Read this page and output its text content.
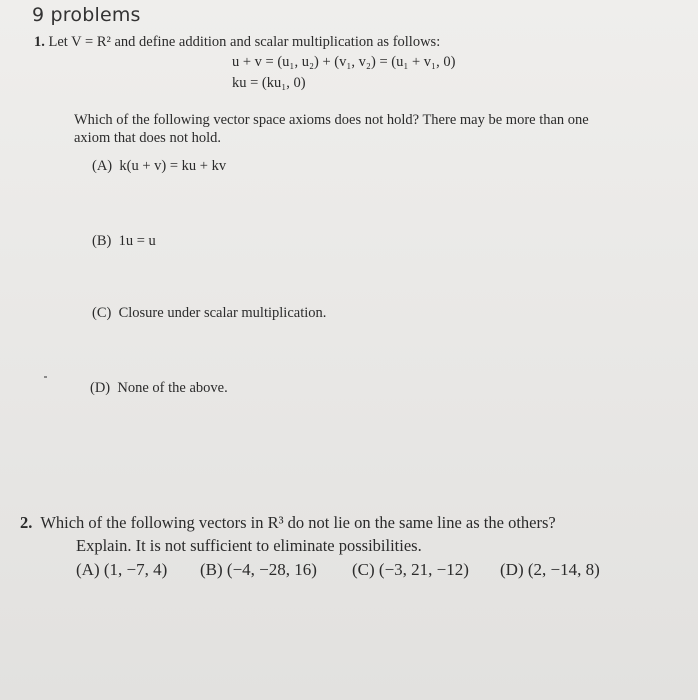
9 problems
1. Let V = R² and define addition and scalar multiplication as follows:
u + v = (u₁, u₂) + (v₁, v₂) = (u₁ + v₁, 0)
ku = (ku₁, 0)
Which of the following vector space axioms does not hold? There may be more than one
axiom that does not hold.
(A) k(u + v) = ku + kv
(B) 1u = u
(C) Closure under scalar multiplication.
(D) None of the above.
2. Which of the following vectors in R³ do not lie on the same line as the others?
Explain. It is not sufficient to eliminate possibilities.
(A) (1, −7, 4) (B) (−4, −28, 16) (C) (−3, 21, −12) (D) (2, −14, 8)
